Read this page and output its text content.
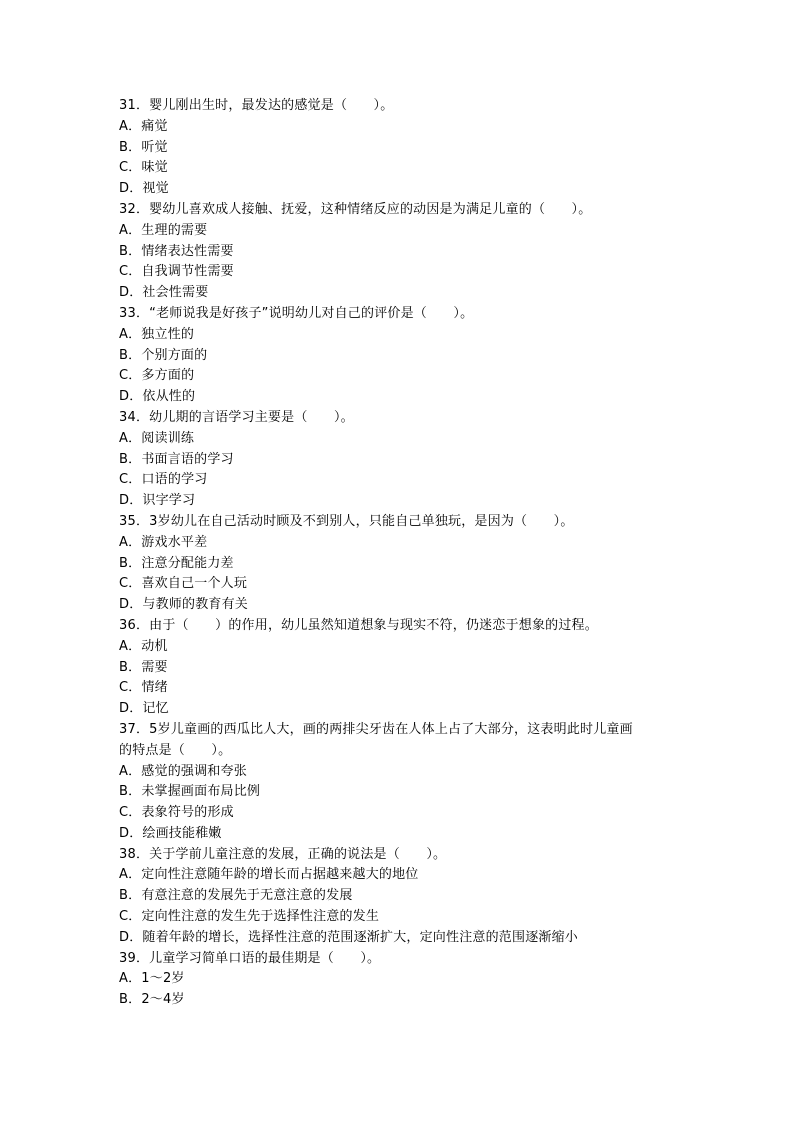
31．婴儿刚出生时，最发达的感觉是（　　）。
A．痛觉
B．听觉
C．味觉
D．视觉
32．婴幼儿喜欢成人接触、抚爱，这种情绪反应的动因是为满足儿童的（　　）。
A．生理的需要
B．情绪表达性需要
C．自我调节性需要
D．社会性需要
33．“老师说我是好孩子”说明幼儿对自己的评价是（　　）。
A．独立性的
B．个别方面的
C．多方面的
D．依从性的
34．幼儿期的言语学习主要是（　　）。
A．阅读训练
B．书面言语的学习
C．口语的学习
D．识字学习
35．3岁幼儿在自己活动时顾及不到别人，只能自己单独玩，是因为（　　）。
A．游戏水平差
B．注意分配能力差
C．喜欢自己一个人玩
D．与教师的教育有关
36．由于（　　）的作用，幼儿虽然知道想象与现实不符，仍迷恋于想象的过程。
A．动机
B．需要
C．情绪
D．记忆
37．5岁儿童画的西瓜比人大，画的两排尖牙齿在人体上占了大部分，这表明此时儿童画
的特点是（　　）。
A．感觉的强调和夸张
B．未掌握画面布局比例
C．表象符号的形成
D．绘画技能稚嫩
38．关于学前儿童注意的发展，正确的说法是（　　）。
A．定向性注意随年龄的增长而占据越来越大的地位
B．有意注意的发展先于无意注意的发展
C．定向性注意的发生先于选择性注意的发生
D．随着年龄的增长，选择性注意的范围逐渐扩大，定向性注意的范围逐渐缩小
39．儿童学习简单口语的最佳期是（　　）。
A．1～2岁
B．2～4岁
